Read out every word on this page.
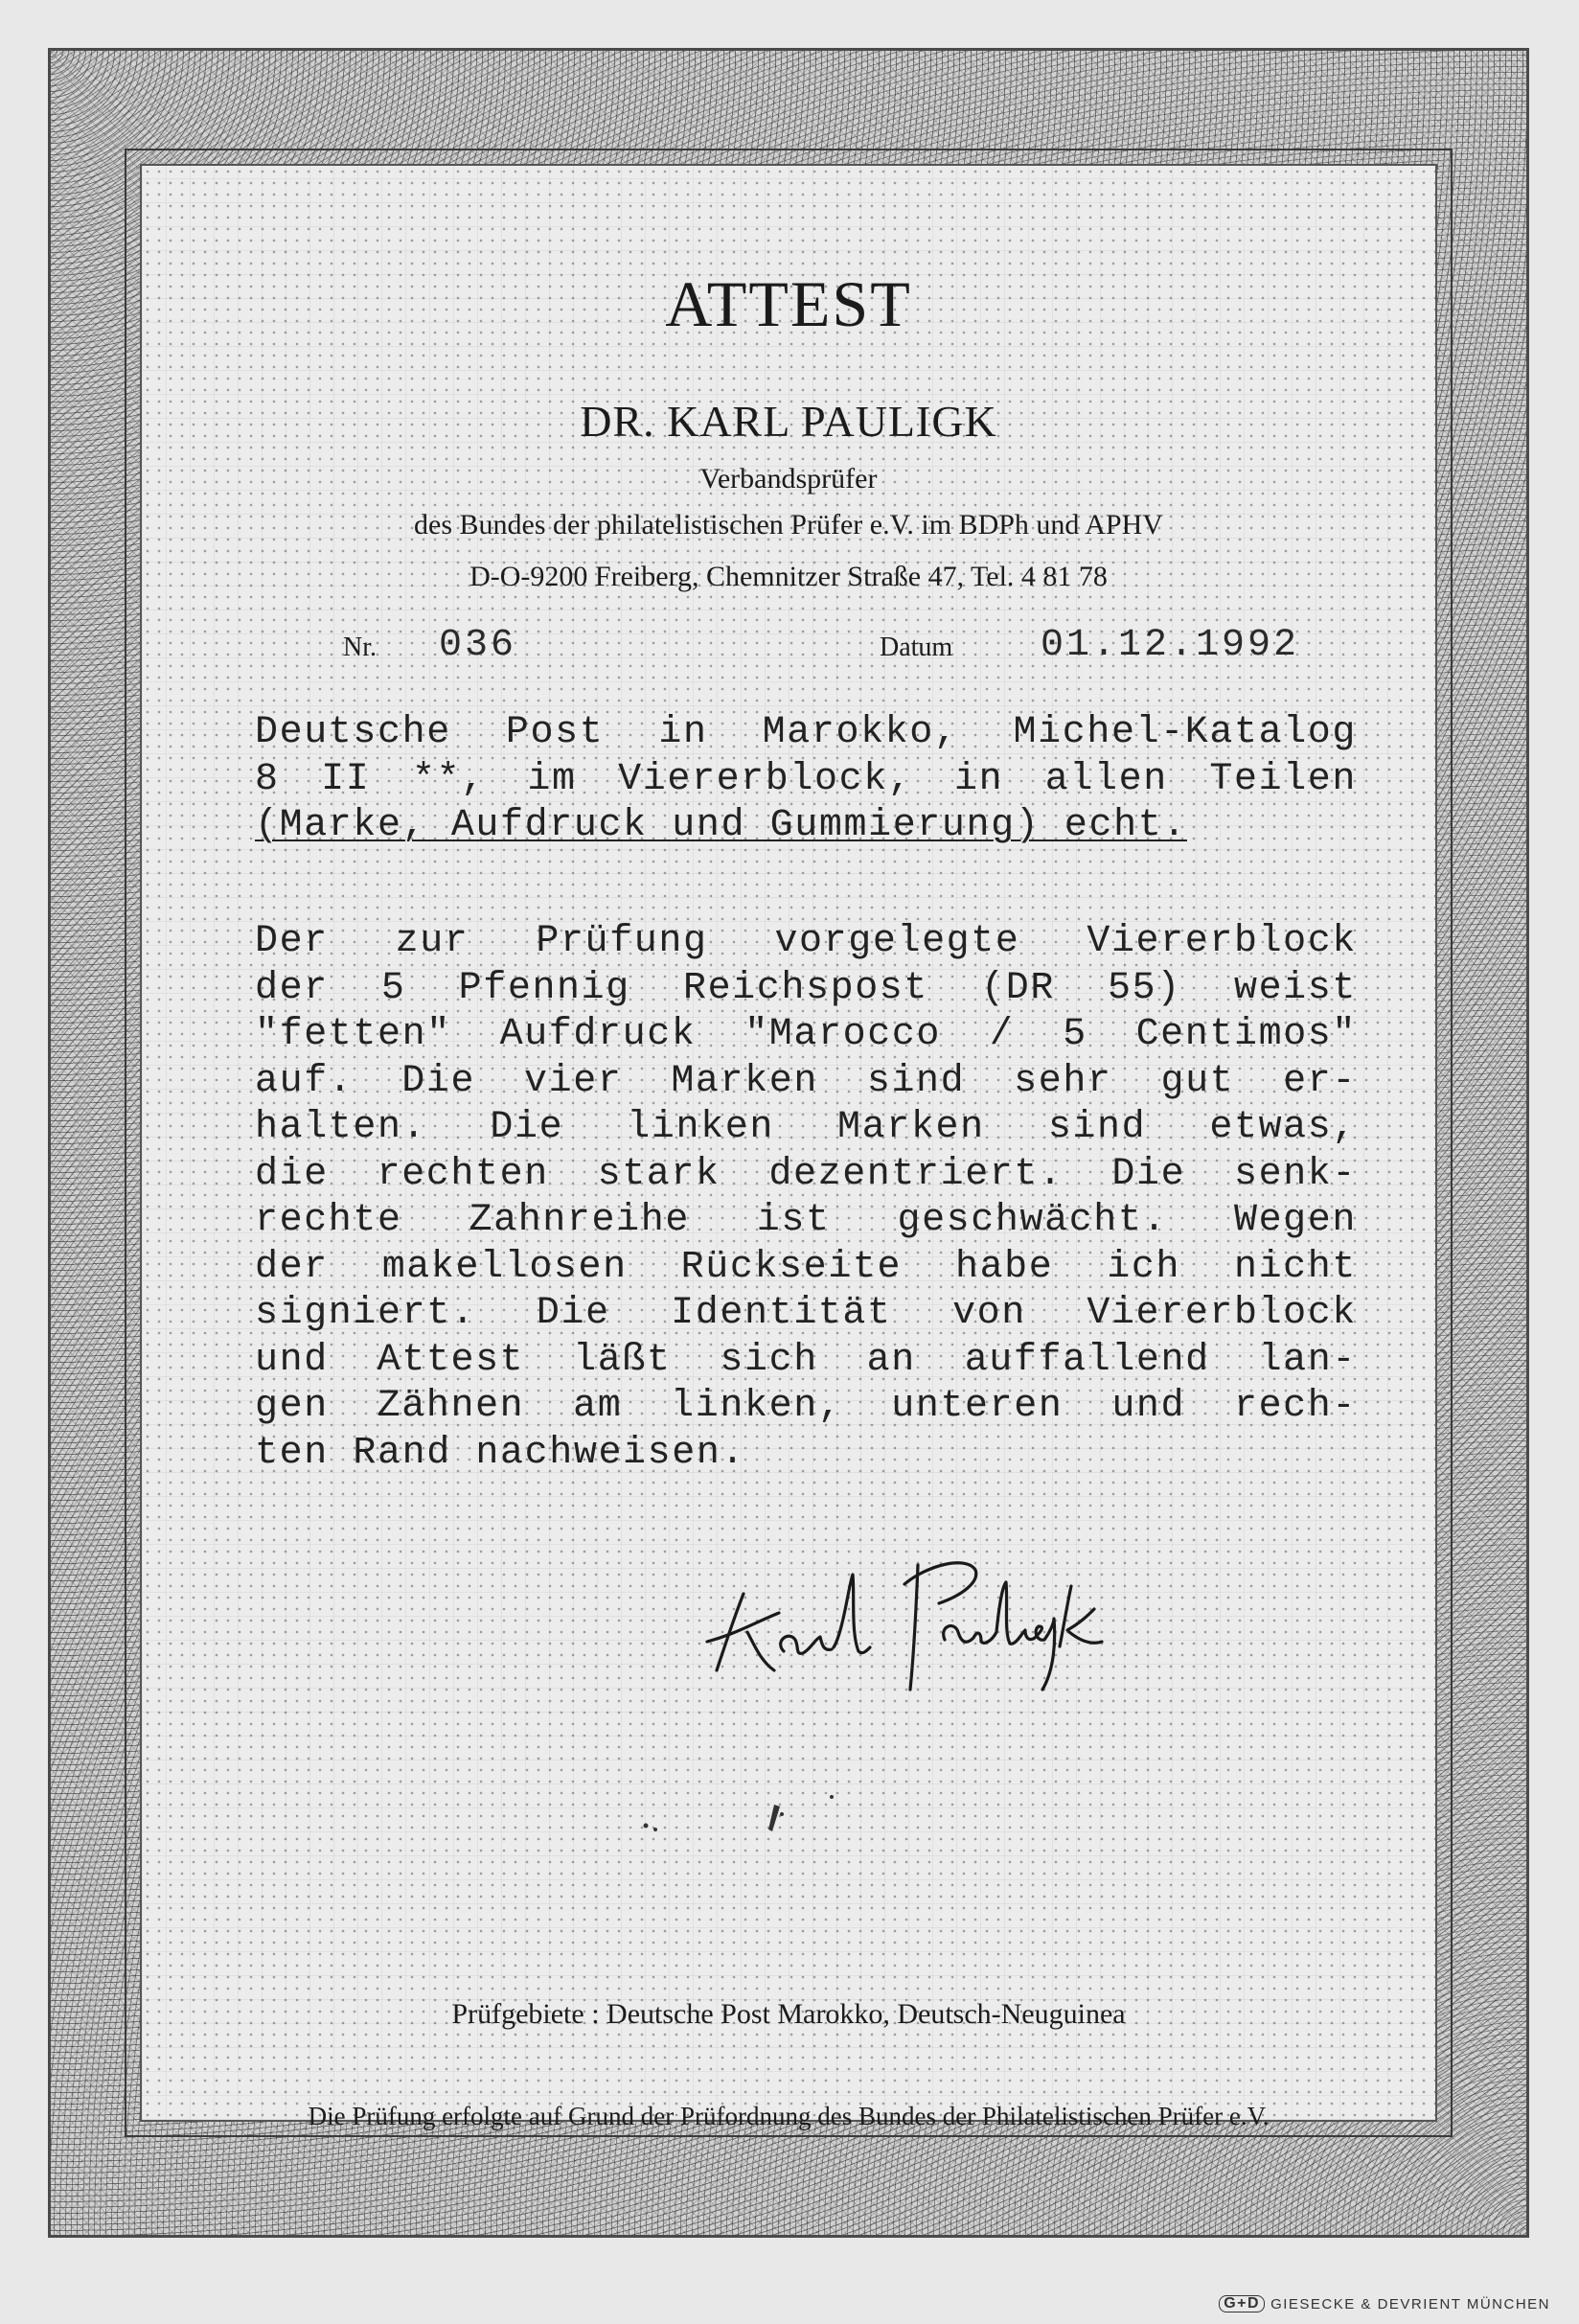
ATTEST
DR. KARL PAULIGK
Verbandsprüfer
des Bundes der philatelistischen Prüfer e.V. im BDPh und APHV
D-O-9200 Freiberg, Chemnitzer Straße 47, Tel. 4 81 78
Nr. 036	Datum 01.12.1992
Deutsche Post in Marokko, Michel-Katalog
8 II **, im Viererblock, in allen Teilen
(Marke, Aufdruck und Gummierung) echt.
Der zur Prüfung vorgelegte Viererblock
der 5 Pfennig Reichspost (DR 55) weist
"fetten" Aufdruck "Marocco / 5 Centimos"
auf. Die vier Marken sind sehr gut er-
halten. Die linken Marken sind etwas,
die rechten stark dezentriert. Die senk-
rechte Zahnreihe ist geschwächt. Wegen
der makellosen Rückseite habe ich nicht
signiert. Die Identität von Viererblock
und Attest läßt sich an auffallend lan-
gen Zähnen am linken, unteren und rech-
ten Rand nachweisen.
Prüfgebiete : Deutsche Post Marokko, Deutsch-Neuguinea
Die Prüfung erfolgte auf Grund der Prüfordnung des Bundes der Philatelistischen Prüfer e.V.
G+D GIESECKE & DEVRIENT MÜNCHEN
